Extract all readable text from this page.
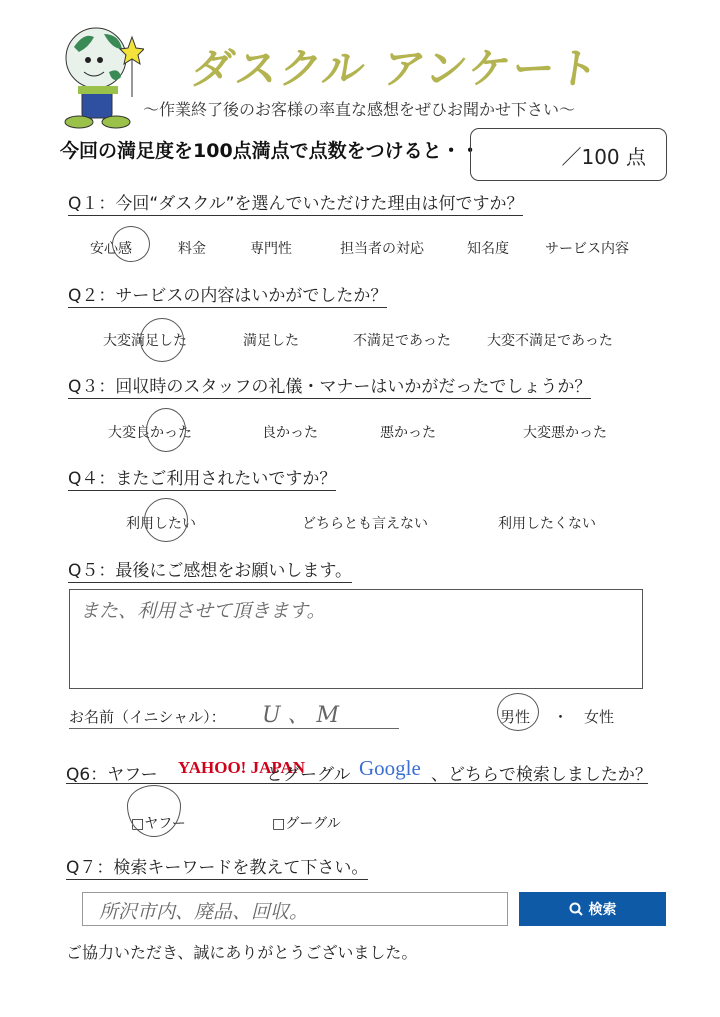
ダスクル アンケート
～作業終了後のお客様の率直な感想をぜひお聞かせ下さい～
今回の満足度を100点満点で点数をつけると・・	／100 点
Q１：今回“ダスクル”を選んでいただけた理由は何ですか？
安心感	料金	専門性	担当者の対応	知名度	サービス内容
Q２：サービスの内容はいかがでしたか？
大変満足した	満足した	不満足であった	大変不満足であった
Q３：回収時のスタッフの礼儀・マナーはいかがだったでしょうか？
大変良かった	良かった	悪かった	大変悪かった
Q４：またご利用されたいですか？
利用したい	どちらとも言えない	利用したくない
Q５：最後にご感想をお願いします。
また、利用させて頂きます。
お名前（イニシャル）： U 、 M	男性 ・ 女性
Q6：ヤフー YAHOO! JAPAN
とグーグル Google 、どちらで検索しましたか？
□ヤフー	□グーグル
Q７：検索キーワードを教えて下さい。
所沢市内、廃品、回収。	検索
ご協力いただき、誠にありがとうございました。
